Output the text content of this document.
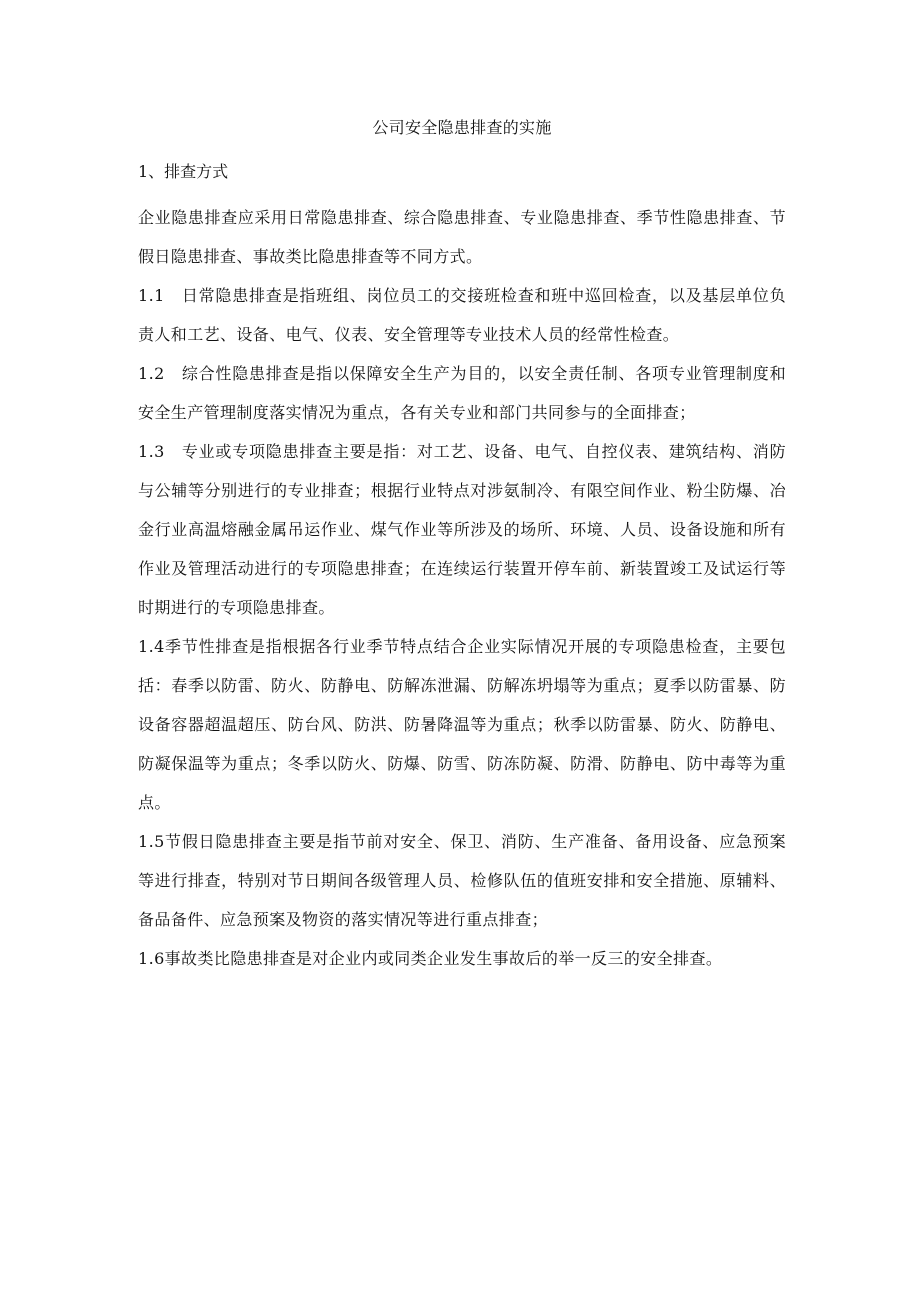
公司安全隐患排查的实施
1、排查方式

企业隐患排查应采用日常隐患排查、综合隐患排查、专业隐患排查、季节性隐患排查、节假日隐患排查、事故类比隐患排查等不同方式。

1.1　日常隐患排查是指班组、岗位员工的交接班检查和班中巡回检查，以及基层单位负责人和工艺、设备、电气、仪表、安全管理等专业技术人员的经常性检查。

1.2　综合性隐患排查是指以保障安全生产为目的，以安全责任制、各项专业管理制度和安全生产管理制度落实情况为重点，各有关专业和部门共同参与的全面排查；

1.3　专业或专项隐患排查主要是指：对工艺、设备、电气、自控仪表、建筑结构、消防与公辅等分别进行的专业排查；根据行业特点对涉氨制冷、有限空间作业、粉尘防爆、冶金行业高温熔融金属吊运作业、煤气作业等所涉及的场所、环境、人员、设备设施和所有作业及管理活动进行的专项隐患排查；在连续运行装置开停车前、新装置竣工及试运行等时期进行的专项隐患排查。

1.4季节性排查是指根据各行业季节特点结合企业实际情况开展的专项隐患检查，主要包括：春季以防雷、防火、防静电、防解冻泄漏、防解冻坍塌等为重点；夏季以防雷暴、防设备容器超温超压、防台风、防洪、防暑降温等为重点；秋季以防雷暴、防火、防静电、防凝保温等为重点；冬季以防火、防爆、防雪、防冻防凝、防滑、防静电、防中毒等为重点。

1.5节假日隐患排查主要是指节前对安全、保卫、消防、生产准备、备用设备、应急预案等进行排查，特别对节日期间各级管理人员、检修队伍的值班安排和安全措施、原辅料、备品备件、应急预案及物资的落实情况等进行重点排查；

1.6事故类比隐患排查是对企业内或同类企业发生事故后的举一反三的安全排查。
